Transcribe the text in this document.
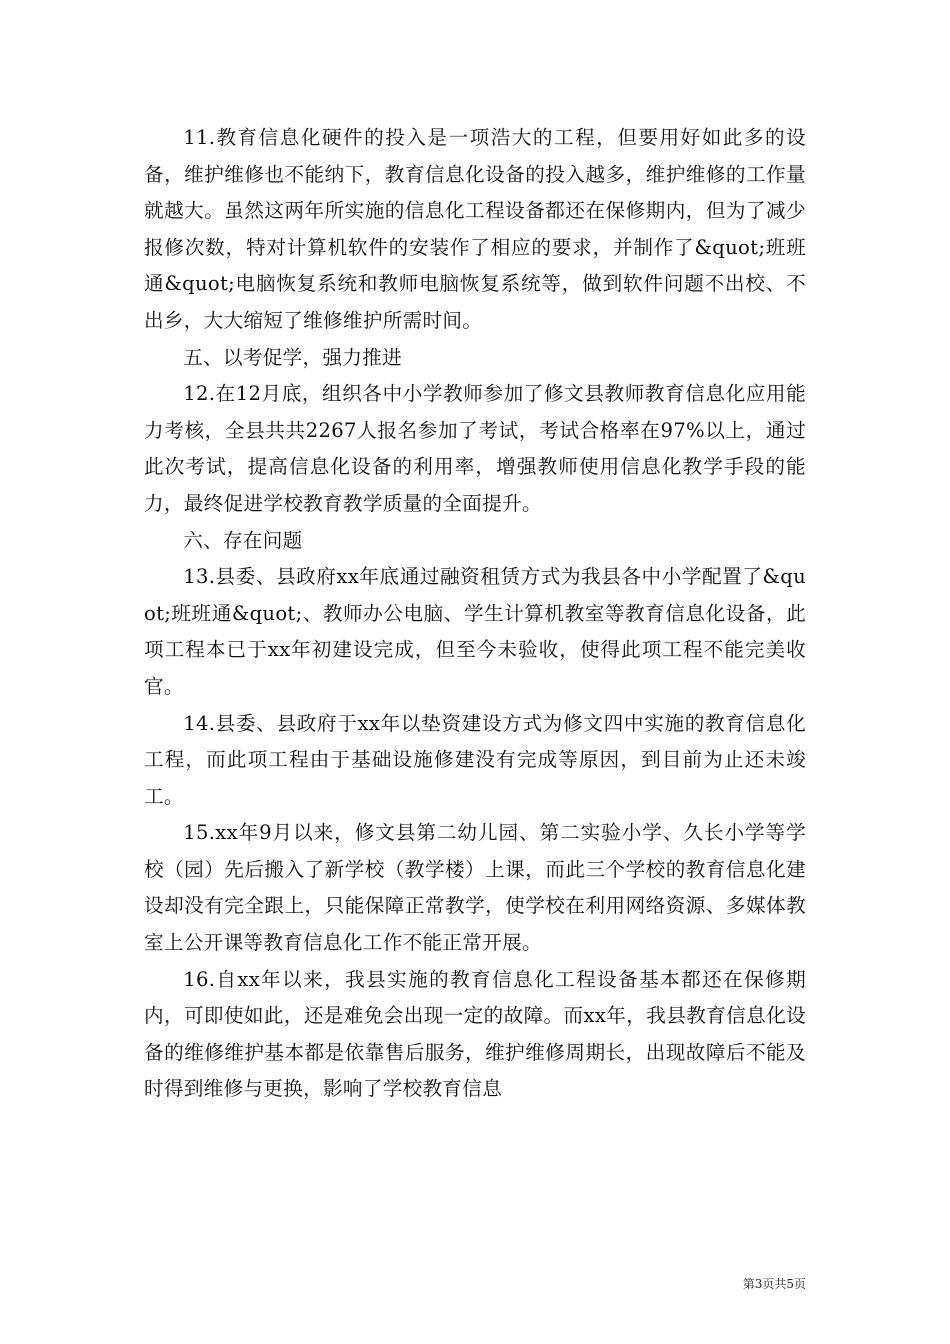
11.教育信息化硬件的投入是一项浩大的工程，但要用好如此多的设备，维护维修也不能纳下，教育信息化设备的投入越多，维护维修的工作量就越大。虽然这两年所实施的信息化工程设备都还在保修期内，但为了减少报修次数，特对计算机软件的安装作了相应的要求，并制作了&quot;班班通&quot;电脑恢复系统和教师电脑恢复系统等，做到软件问题不出校、不出乡，大大缩短了维修维护所需时间。

五、以考促学，强力推进

12.在12月底，组织各中小学教师参加了修文县教师教育信息化应用能力考核，全县共共2267人报名参加了考试，考试合格率在97%以上，通过此次考试，提高信息化设备的利用率，增强教师使用信息化教学手段的能力，最终促进学校教育教学质量的全面提升。

六、存在问题

13.县委、县政府xx年底通过融资租赁方式为我县各中小学配置了&quot;班班通&quot;、教师办公电脑、学生计算机教室等教育信息化设备，此项工程本已于xx年初建设完成，但至今未验收，使得此项工程不能完美收官。

14.县委、县政府于xx年以垫资建设方式为修文四中实施的教育信息化工程，而此项工程由于基础设施修建没有完成等原因，到目前为止还未竣工。

15.xx年9月以来，修文县第二幼儿园、第二实验小学、久长小学等学校（园）先后搬入了新学校（教学楼）上课，而此三个学校的教育信息化建设却没有完全跟上，只能保障正常教学，使学校在利用网络资源、多媒体教室上公开课等教育信息化工作不能正常开展。

16.自xx年以来，我县实施的教育信息化工程设备基本都还在保修期内，可即使如此，还是难免会出现一定的故障。而xx年，我县教育信息化设备的维修维护基本都是依靠售后服务，维护维修周期长，出现故障后不能及时得到维修与更换，影响了学校教育信息

第3页共5页
